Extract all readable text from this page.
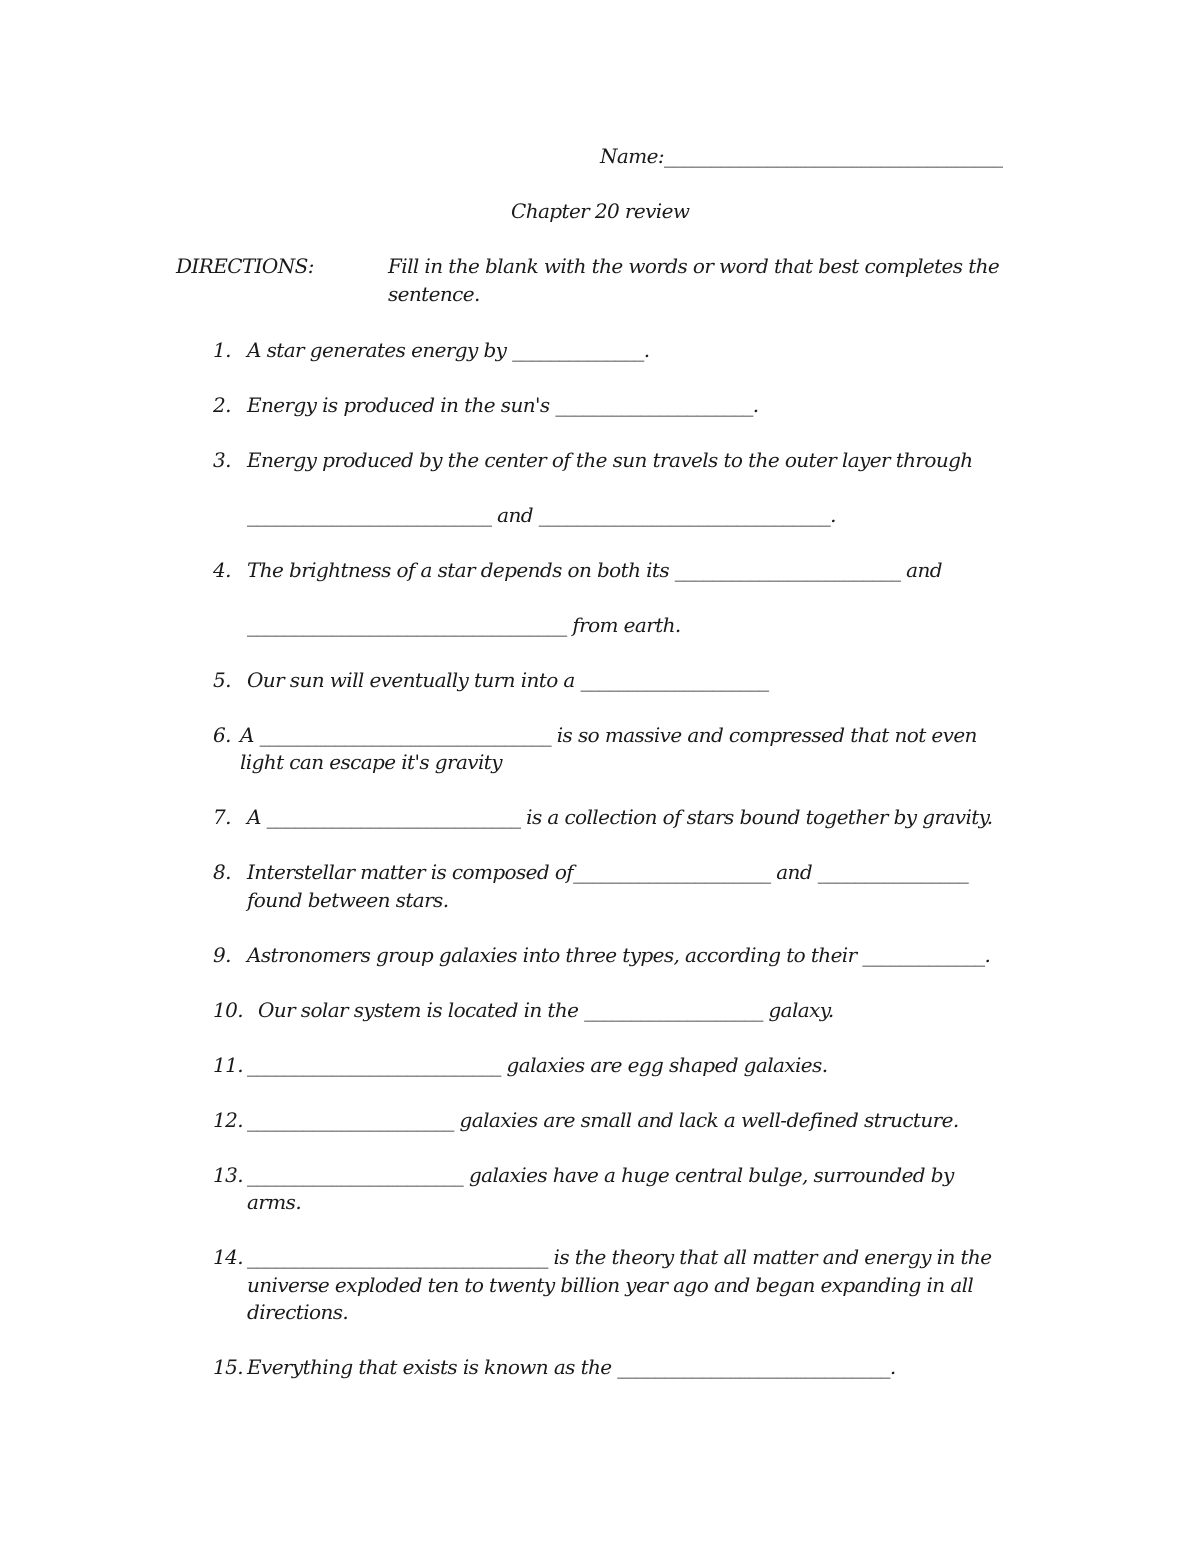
Name:____________________________________
Chapter 20 review
DIRECTIONS:	Fill in the blank with the words or word that best completes the
sentence.
1. A star generates energy by ______________.
2. Energy is produced in the sun's _____________________.
3. Energy produced by the center of the sun travels to the outer layer through
__________________________ and _______________________________.
4. The brightness of a star depends on both its ________________________ and
__________________________________ from earth.
5. Our sun will eventually turn into a ____________________
6. A _______________________________ is so massive and compressed that not even
light can escape it's gravity
7. A ___________________________ is a collection of stars bound together by gravity.
8. Interstellar matter is composed of_____________________ and ________________
found between stars.
9. Astronomers group galaxies into three types, according to their _____________.
10. Our solar system is located in the ___________________ galaxy.
11. ___________________________ galaxies are egg shaped galaxies.
12. ______________________ galaxies are small and lack a well-defined structure.
13. _______________________ galaxies have a huge central bulge, surrounded by
arms.
14. ________________________________ is the theory that all matter and energy in the
universe exploded ten to twenty billion year ago and began expanding in all
directions.
15. Everything that exists is known as the _____________________________.
